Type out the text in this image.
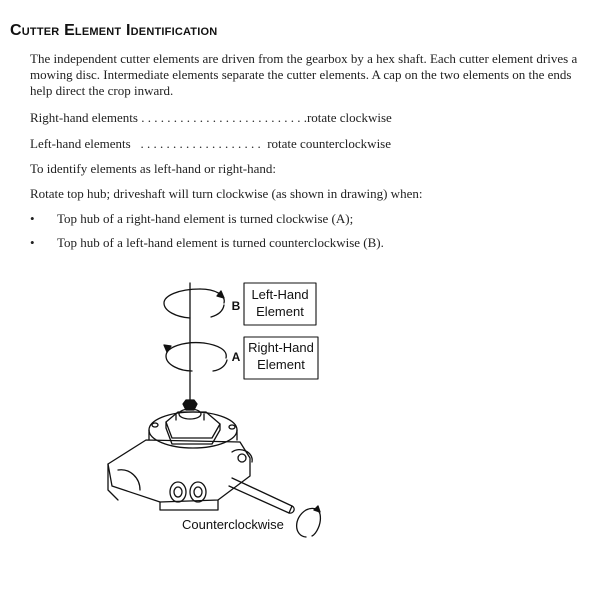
Cutter Element Identification
The independent cutter elements are driven from the gearbox by a hex shaft. Each cutter element drives a mowing disc. Intermediate elements separate the cutter elements. A cap on the two elements on the ends help direct the crop inward.
Right-hand elements . . . . . . . . . . . . . . . . . . . . . . . . . .rotate clockwise
Left-hand elements   . . . . . . . . . . . . . . . . . . .  rotate counterclockwise
To identify elements as left-hand or right-hand:
Rotate top hub; driveshaft will turn clockwise (as shown in drawing) when:
• Top hub of a right-hand element is turned clockwise (A);
• Top hub of a left-hand element is turned counterclockwise (B).
B
Left-Hand
Element
A
Right-Hand
Element
Counterclockwise
